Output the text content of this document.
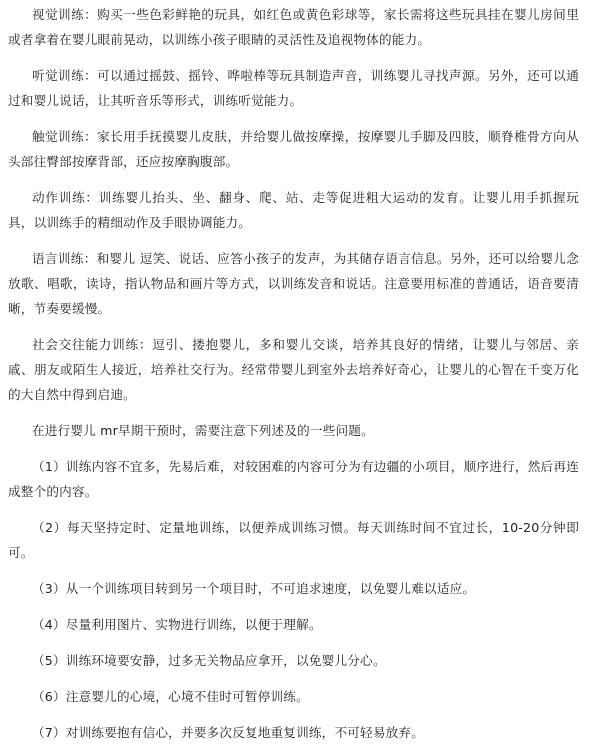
视觉训练：购买一些色彩鲜艳的玩具，如红色或黄色彩球等，家长需将这些玩具挂在婴儿房间里或者拿着在婴儿眼前晃动，以训练小孩子眼睛的灵活性及追视物体的能力。

听觉训练：可以通过摇鼓、摇铃、哗啦棒等玩具制造声音，训练婴儿寻找声源。另外，还可以通过和婴儿说话，让其听音乐等形式，训练听觉能力。

触觉训练：家长用手抚摸婴儿皮肤，并给婴儿做按摩操，按摩婴儿手脚及四肢，顺脊椎骨方向从头部往臀部按摩背部，还应按摩胸腹部。

动作训练：训练婴儿抬头、坐、翻身、爬、站、走等促进粗大运动的发育。让婴儿用手抓握玩具，以训练手的精细动作及手眼协调能力。

语言训练：和婴儿 逗笑、说话、应答小孩子的发声，为其储存语言信息。另外，还可以给婴儿念放歌、唱歌，读诗，指认物品和画片等方式，以训练发音和说话。注意要用标准的普通话，语音要清晰，节奏要缓慢。

社会交往能力训练：逗引、搂抱婴儿，多和婴儿交谈，培养其良好的情绪，让婴儿与邻居、亲戚、朋友或陌生人接近，培养社交行为。经常带婴儿到室外去培养好奇心，让婴儿的心智在千变万化的大自然中得到启迪。

在进行婴儿 mr早期干预时，需要注意下列述及的一些问题。

（1）训练内容不宜多，先易后难，对较困难的内容可分为有边疆的小项目，顺序进行，然后再连成整个的内容。

（2）每天坚持定时、定量地训练，以便养成训练习惯。每天训练时间不宜过长，10-20分钟即可。

（3）从一个训练项目转到另一个项目时，不可追求速度，以免婴儿难以适应。

（4）尽量利用图片、实物进行训练，以便于理解。

（5）训练环境要安静，过多无关物品应拿开，以免婴儿分心。

（6）注意婴儿的心境，心境不佳时可暂停训练。

（7）对训练要抱有信心，并要多次反复地重复训练，不可轻易放弃。
